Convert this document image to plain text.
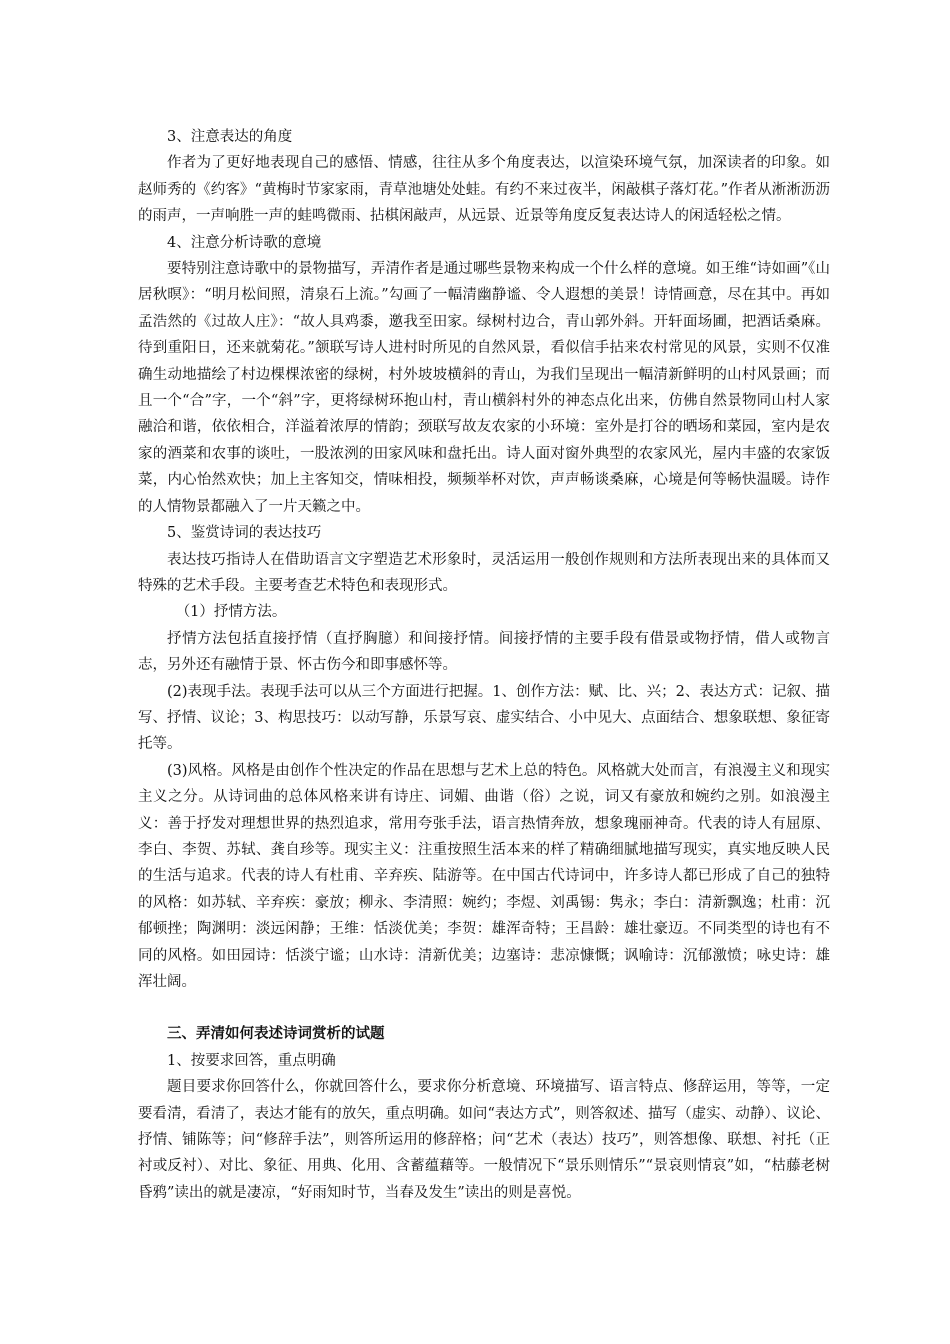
3、注意表达的角度

作者为了更好地表现自己的感悟、情感，往往从多个角度表达，以渲染环境气氛，加深读者的印象。如赵师秀的《约客》“黄梅时节家家雨，青草池塘处处蛙。有约不来过夜半，闲敲棋子落灯花。”作者从淅淅沥沥的雨声，一声响胜一声的蛙鸣微雨、拈棋闲敲声，从远景、近景等角度反复表达诗人的闲适轻松之情。

4、注意分析诗歌的意境

要特别注意诗歌中的景物描写，弄清作者是通过哪些景物来构成一个什么样的意境。如王维“诗如画”《山居秋暝》：“明月松间照，清泉石上流。”勾画了一幅清幽静谧、令人遐想的美景！诗情画意，尽在其中。再如孟浩然的《过故人庄》：“故人具鸡黍，邀我至田家。绿树村边合，青山郭外斜。开轩面场圃，把酒话桑麻。待到重阳日，还来就菊花。”颔联写诗人进村时所见的自然风景，看似信手拈来农村常见的风景，实则不仅准确生动地描绘了村边棵棵浓密的绿树，村外坡坡横斜的青山，为我们呈现出一幅清新鲜明的山村风景画；而且一个“合”字，一个“斜”字，更将绿树环抱山村，青山横斜村外的神态点化出来，仿佛自然景物同山村人家融洽和谐，依依相合，洋溢着浓厚的情韵；颈联写故友农家的小环境：室外是打谷的晒场和菜园，室内是农家的酒菜和农事的谈吐，一股浓洌的田家风味和盘托出。诗人面对窗外典型的农家风光，屋内丰盛的农家饭菜，内心怡然欢快；加上主客知交，情味相投，频频举杯对饮，声声畅谈桑麻，心境是何等畅快温暖。诗作的人情物景都融入了一片天籁之中。

5、鉴赏诗词的表达技巧

表达技巧指诗人在借助语言文字塑造艺术形象时，灵活运用一般创作规则和方法所表现出来的具体而又特殊的艺术手段。主要考查艺术特色和表现形式。

（1）抒情方法。

抒情方法包括直接抒情（直抒胸臆）和间接抒情。间接抒情的主要手段有借景或物抒情，借人或物言志，另外还有融情于景、怀古伤今和即事感怀等。

(2)表现手法。表现手法可以从三个方面进行把握。1、创作方法：赋、比、兴；2、表达方式：记叙、描写、抒情、议论；3、构思技巧：以动写静，乐景写哀、虚实结合、小中见大、点面结合、想象联想、象征寄托等。

(3)风格。风格是由创作个性决定的作品在思想与艺术上总的特色。风格就大处而言，有浪漫主义和现实主义之分。从诗词曲的总体风格来讲有诗庄、词媚、曲谐（俗）之说，词又有豪放和婉约之别。如浪漫主义：善于抒发对理想世界的热烈追求，常用夸张手法，语言热情奔放，想象瑰丽神奇。代表的诗人有屈原、李白、李贺、苏轼、龚自珍等。现实主义：注重按照生活本来的样了精确细腻地描写现实，真实地反映人民的生活与追求。代表的诗人有杜甫、辛弃疾、陆游等。在中国古代诗词中，许多诗人都已形成了自己的独特的风格：如苏轼、辛弃疾：豪放；柳永、李清照：婉约；李煜、刘禹锡：隽永；李白：清新飘逸；杜甫：沉郁顿挫；陶渊明：淡远闲静；王维：恬淡优美；李贺：雄浑奇特；王昌龄：雄壮豪迈。不同类型的诗也有不同的风格。如田园诗：恬淡宁谧；山水诗：清新优美；边塞诗：悲凉慷慨；讽喻诗：沉郁激愤；咏史诗：雄浑壮阔。

三、弄清如何表述诗词赏析的试题

1、按要求回答，重点明确

题目要求你回答什么，你就回答什么，要求你分析意境、环境描写、语言特点、修辞运用，等等，一定要看清，看清了，表达才能有的放矢，重点明确。如问“表达方式”，则答叙述、描写（虚实、动静）、议论、抒情、铺陈等；问“修辞手法”，则答所运用的修辞格；问“艺术（表达）技巧”，则答想像、联想、衬托（正衬或反衬）、对比、象征、用典、化用、含蓄蕴藉等。一般情况下“景乐则情乐”“景哀则情哀”如，“枯藤老树昏鸦”读出的就是凄凉，“好雨知时节，当春及发生”读出的则是喜悦。
